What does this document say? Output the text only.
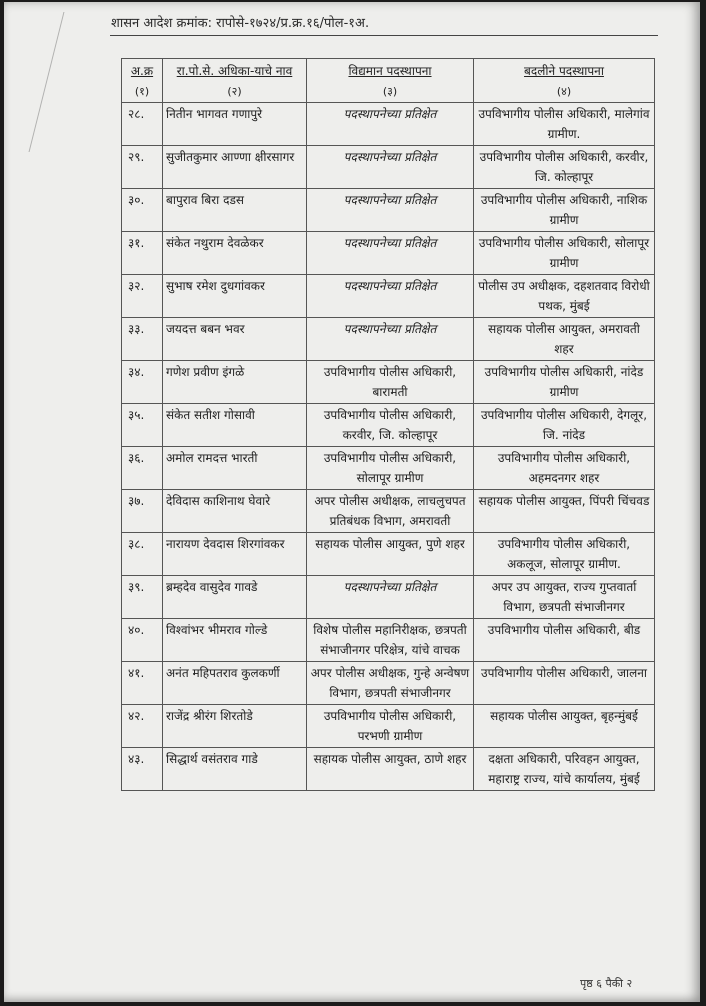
शासन आदेश क्रमांक: रापोसे-१७२४/प्र.क्र.१६/पोल-१अ.
अ.क्र	रा.पो.से. अधिका-याचे नाव	विद्यमान पदस्थापना	बदलीने पदस्थापना
(१)	(२)	(३)	(४)
२८.	नितीन भागवत गणापुरे	पदस्थापनेच्या प्रतिक्षेत	उपविभागीय पोलीस अधिकारी, मालेगांव ग्रामीण.
२९.	सुजीतकुमार आण्णा क्षीरसागर	पदस्थापनेच्या प्रतिक्षेत	उपविभागीय पोलीस अधिकारी, करवीर, जि. कोल्हापूर
३०.	बापुराव बिरा दडस	पदस्थापनेच्या प्रतिक्षेत	उपविभागीय पोलीस अधिकारी, नाशिक ग्रामीण
३१.	संकेत नथुराम देवळेकर	पदस्थापनेच्या प्रतिक्षेत	उपविभागीय पोलीस अधिकारी, सोलापूर ग्रामीण
३२.	सुभाष रमेश दुधगांवकर	पदस्थापनेच्या प्रतिक्षेत	पोलीस उप अधीक्षक, दहशतवाद विरोधी पथक, मुंबई
३३.	जयदत्त बबन भवर	पदस्थापनेच्या प्रतिक्षेत	सहायक पोलीस आयुक्त, अमरावती शहर
३४.	गणेश प्रवीण इंगळे	उपविभागीय पोलीस अधिकारी, बारामती	उपविभागीय पोलीस अधिकारी, नांदेड ग्रामीण
३५.	संकेत सतीश गोसावी	उपविभागीय पोलीस अधिकारी, करवीर, जि. कोल्हापूर	उपविभागीय पोलीस अधिकारी, देगलूर, जि. नांदेड
३६.	अमोल रामदत्त भारती	उपविभागीय पोलीस अधिकारी, सोलापूर ग्रामीण	उपविभागीय पोलीस अधिकारी, अहमदनगर शहर
३७.	देविदास काशिनाथ घेवारे	अपर पोलीस अधीक्षक, लाचलुचपत प्रतिबंधक विभाग, अमरावती	सहायक पोलीस आयुक्त, पिंपरी चिंचवड
३८.	नारायण देवदास शिरगांवकर	सहायक पोलीस आयुक्त, पुणे शहर	उपविभागीय पोलीस अधिकारी, अकलूज, सोलापूर ग्रामीण.
३९.	ब्रम्हदेव वासुदेव गावडे	पदस्थापनेच्या प्रतिक्षेत	अपर उप आयुक्त, राज्य गुप्तवार्ता विभाग, छत्रपती संभाजीनगर
४०.	विश्वांभर भीमराव गोल्डे	विशेष पोलीस महानिरीक्षक, छत्रपती संभाजीनगर परिक्षेत्र, यांचे वाचक	उपविभागीय पोलीस अधिकारी, बीड
४१.	अनंत महिपतराव कुलकर्णी	अपर पोलीस अधीक्षक, गुन्हे अन्वेषण विभाग, छत्रपती संभाजीनगर	उपविभागीय पोलीस अधिकारी, जालना
४२.	राजेंद्र श्रीरंग शिरतोडे	उपविभागीय पोलीस अधिकारी, परभणी ग्रामीण	सहायक पोलीस आयुक्त, बृहन्मुंबई
४३.	सिद्धार्थ वसंतराव गाडे	सहायक पोलीस आयुक्त, ठाणे शहर	दक्षता अधिकारी, परिवहन आयुक्त, महाराष्ट्र राज्य, यांचे कार्यालय, मुंबई
पृष्ठ ६ पैकी २
